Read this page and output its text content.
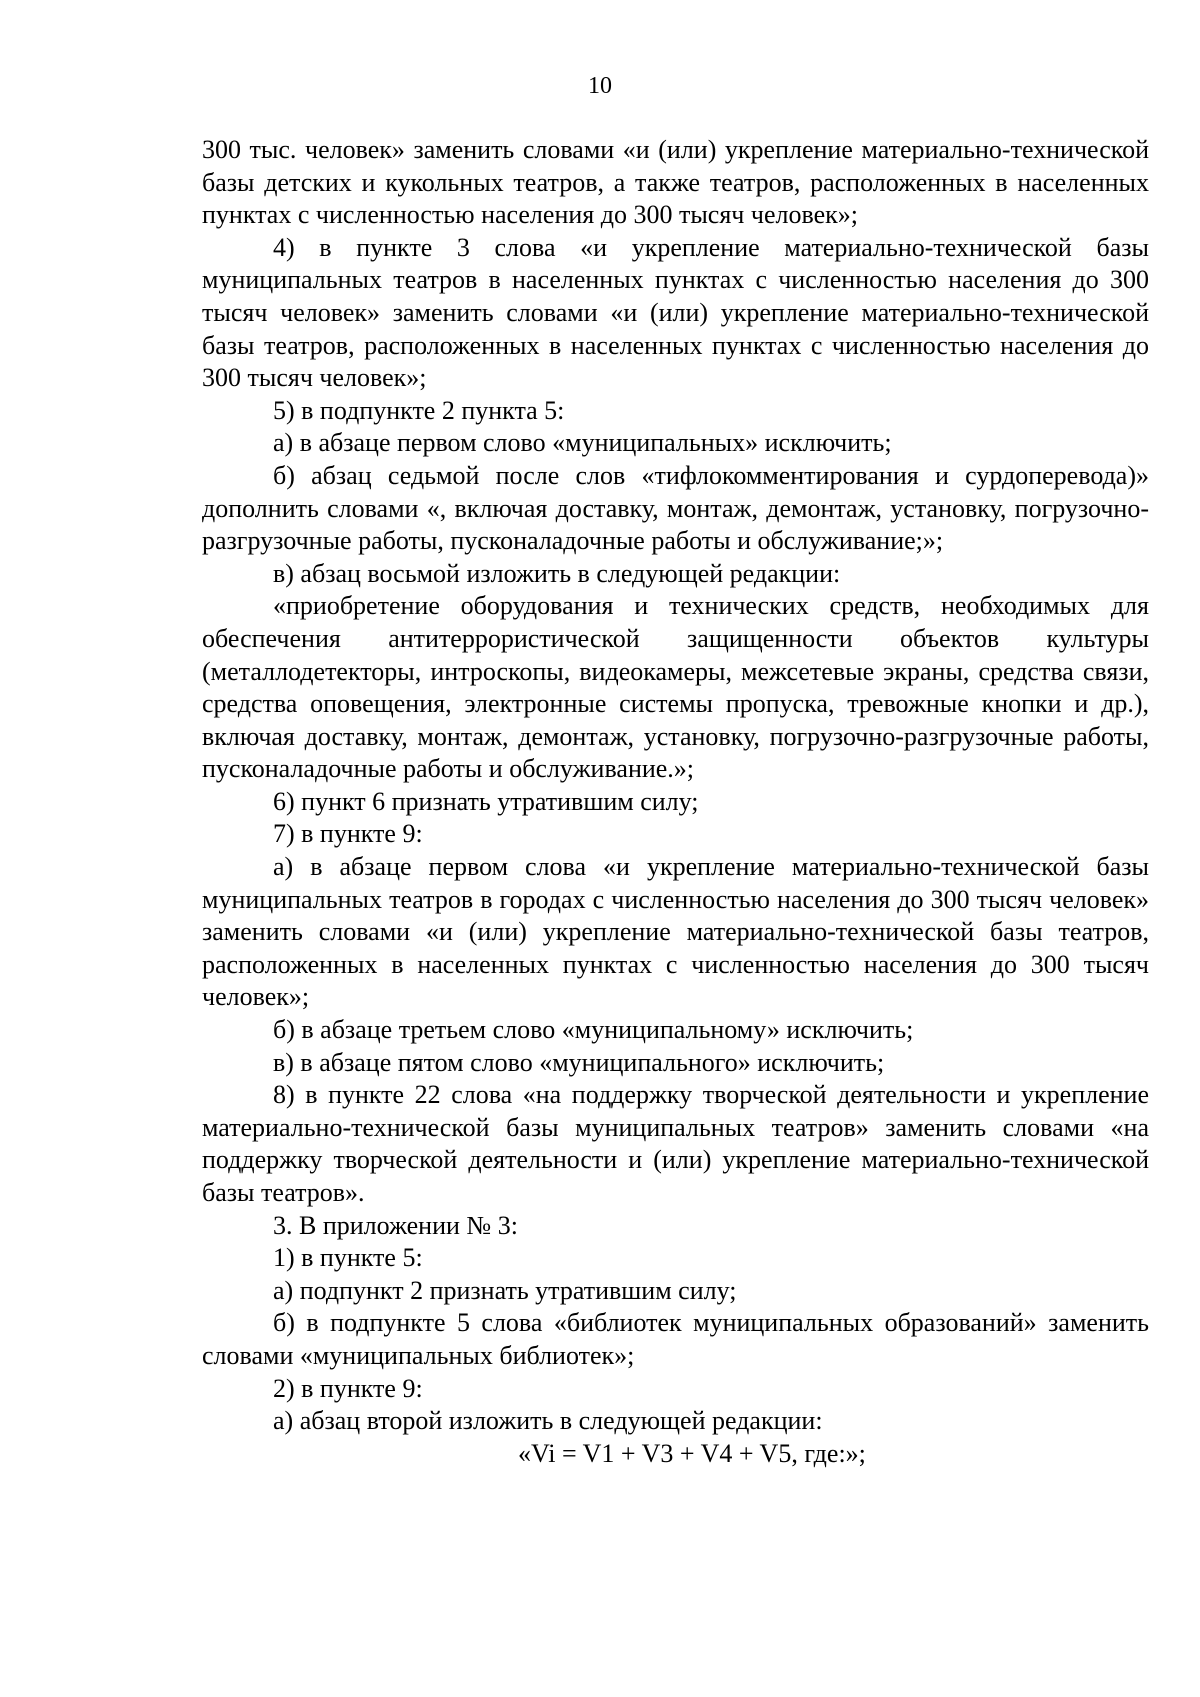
10

300 тыс. человек» заменить словами «и (или) укрепление материально-технической базы детских и кукольных театров, а также театров, расположенных в населенных пунктах с численностью населения до 300 тысяч человек»;

4) в пункте 3 слова «и укрепление материально-технической базы муниципальных театров в населенных пунктах с численностью населения до 300 тысяч человек» заменить словами «и (или) укрепление материально-технической базы театров, расположенных в населенных пунктах с численностью населения до 300 тысяч человек»;

5) в подпункте 2 пункта 5:

а) в абзаце первом слово «муниципальных» исключить;

б) абзац седьмой после слов «тифлокомментирования и сурдоперевода)» дополнить словами «, включая доставку, монтаж, демонтаж, установку, погрузочно-разгрузочные работы, пусконаладочные работы и обслуживание;»;

в) абзац восьмой изложить в следующей редакции:

«приобретение оборудования и технических средств, необходимых для обеспечения антитеррористической защищенности объектов культуры (металлодетекторы, интроскопы, видеокамеры, межсетевые экраны, средства связи, средства оповещения, электронные системы пропуска, тревожные кнопки и др.), включая доставку, монтаж, демонтаж, установку, погрузочно-разгрузочные работы, пусконаладочные работы и обслуживание.»;

6) пункт 6 признать утратившим силу;

7) в пункте 9:

а) в абзаце первом слова «и укрепление материально-технической базы муниципальных театров в городах с численностью населения до 300 тысяч человек» заменить словами «и (или) укрепление материально-технической базы театров, расположенных в населенных пунктах с численностью населения до 300 тысяч человек»;

б) в абзаце третьем слово «муниципальному» исключить;

в) в абзаце пятом слово «муниципального» исключить;

8) в пункте 22 слова «на поддержку творческой деятельности и укрепление материально-технической базы муниципальных театров» заменить словами «на поддержку творческой деятельности и (или) укрепление материально-технической базы театров».

3. В приложении № 3:

1) в пункте 5:

а) подпункт 2 признать утратившим силу;

б) в подпункте 5 слова «библиотек муниципальных образований» заменить словами «муниципальных библиотек»;

2) в пункте 9:

а) абзац второй изложить в следующей редакции:

«Vi = V1 + V3 + V4 + V5, где:»;
